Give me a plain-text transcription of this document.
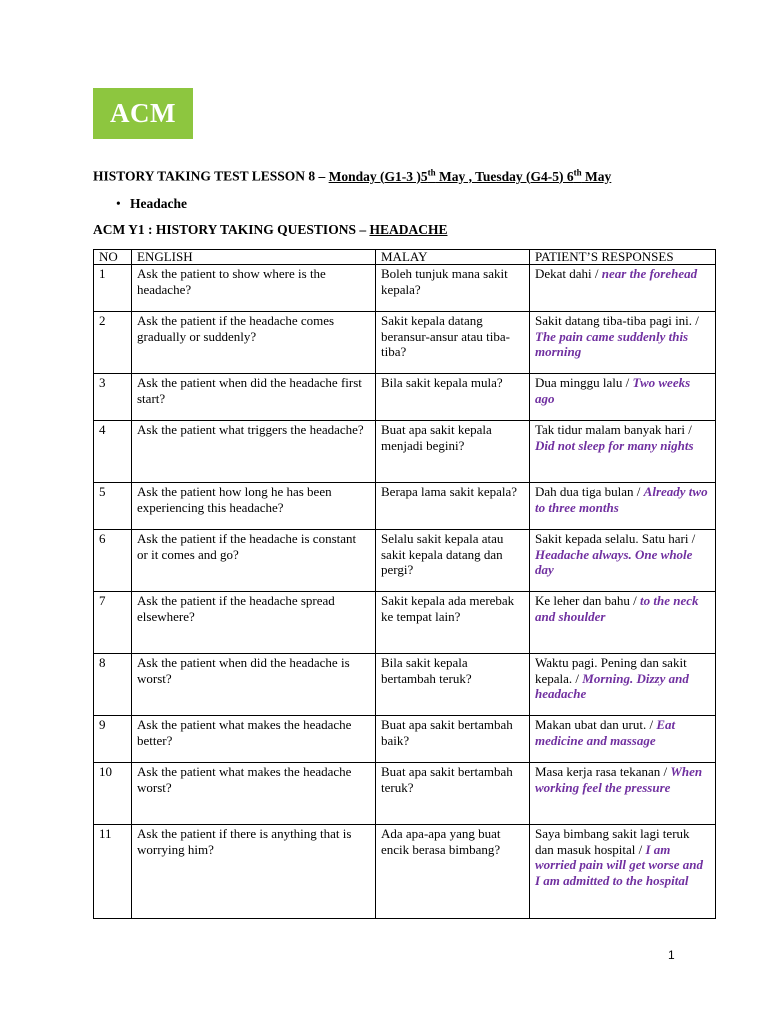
ACM
HISTORY TAKING TEST LESSON 8 – Monday (G1-3 )5th May , Tuesday (G4-5) 6th May
• Headache
ACM Y1 : HISTORY TAKING QUESTIONS – HEADACHE
NO	ENGLISH	MALAY	PATIENT’S RESPONSES
1	Ask the patient to show where is the headache?	Boleh tunjuk mana sakit kepala?	Dekat dahi / near the forehead
2	Ask the patient if the headache comes gradually or suddenly?	Sakit kepala datang beransur-ansur atau tiba-tiba?	Sakit datang tiba-tiba pagi ini. / The pain came suddenly this morning
3	Ask the patient when did the headache first start?	Bila sakit kepala mula?	Dua minggu lalu / Two weeks ago
4	Ask the patient what triggers the headache?	Buat apa sakit kepala menjadi begini?	Tak tidur malam banyak hari / Did not sleep for many nights
5	Ask the patient how long he has been experiencing this headache?	Berapa lama sakit kepala?	Dah dua tiga bulan / Already two to three months
6	Ask the patient if the headache is constant or it comes and go?	Selalu sakit kepala atau sakit kepala datang dan pergi?	Sakit kepada selalu. Satu hari / Headache always. One whole day
7	Ask the patient if the headache spread elsewhere?	Sakit kepala ada merebak ke tempat lain?	Ke leher dan bahu / to the neck and shoulder
8	Ask the patient when did the headache is worst?	Bila sakit kepala bertambah teruk?	Waktu pagi. Pening dan sakit kepala. / Morning. Dizzy and headache
9	Ask the patient what makes the headache better?	Buat apa sakit bertambah baik?	Makan ubat dan urut. / Eat medicine and massage
10	Ask the patient what makes the headache worst?	Buat apa sakit bertambah teruk?	Masa kerja rasa tekanan / When working feel the pressure
11	Ask the patient if there is anything that is worrying him?	Ada apa-apa yang buat encik berasa bimbang?	Saya bimbang sakit lagi teruk dan masuk hospital / I am worried pain will get worse and I am admitted to the hospital
1
